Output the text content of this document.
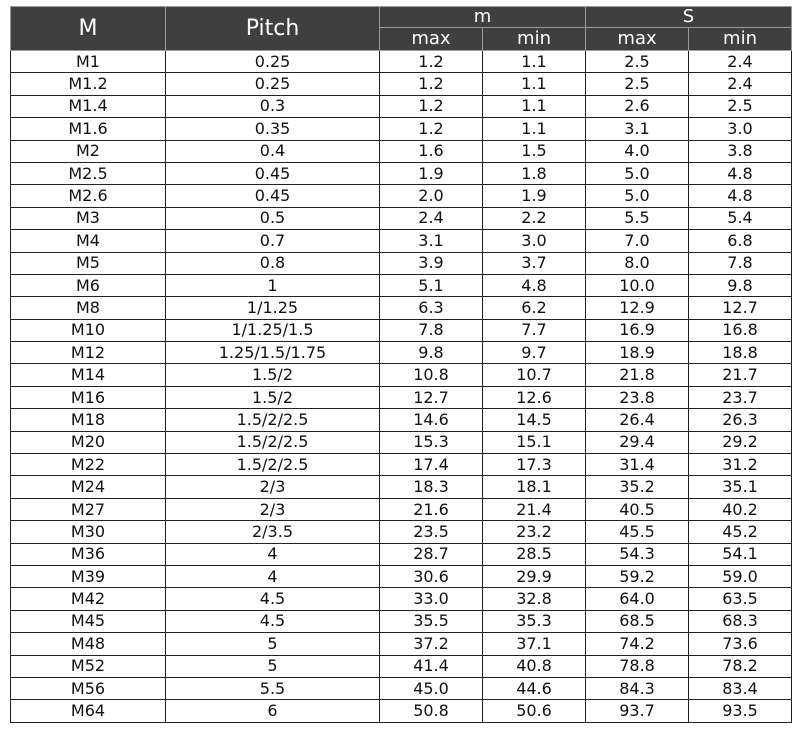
M	Pitch	m		S	
		max	min	max	min
M1	0.25	1.2	1.1	2.5	2.4
M1.2	0.25	1.2	1.1	2.5	2.4
M1.4	0.3	1.2	1.1	2.6	2.5
M1.6	0.35	1.2	1.1	3.1	3.0
M2	0.4	1.6	1.5	4.0	3.8
M2.5	0.45	1.9	1.8	5.0	4.8
M2.6	0.45	2.0	1.9	5.0	4.8
M3	0.5	2.4	2.2	5.5	5.4
M4	0.7	3.1	3.0	7.0	6.8
M5	0.8	3.9	3.7	8.0	7.8
M6	1	5.1	4.8	10.0	9.8
M8	1/1.25	6.3	6.2	12.9	12.7
M10	1/1.25/1.5	7.8	7.7	16.9	16.8
M12	1.25/1.5/1.75	9.8	9.7	18.9	18.8
M14	1.5/2	10.8	10.7	21.8	21.7
M16	1.5/2	12.7	12.6	23.8	23.7
M18	1.5/2/2.5	14.6	14.5	26.4	26.3
M20	1.5/2/2.5	15.3	15.1	29.4	29.2
M22	1.5/2/2.5	17.4	17.3	31.4	31.2
M24	2/3	18.3	18.1	35.2	35.1
M27	2/3	21.6	21.4	40.5	40.2
M30	2/3.5	23.5	23.2	45.5	45.2
M36	4	28.7	28.5	54.3	54.1
M39	4	30.6	29.9	59.2	59.0
M42	4.5	33.0	32.8	64.0	63.5
M45	4.5	35.5	35.3	68.5	68.3
M48	5	37.2	37.1	74.2	73.6
M52	5	41.4	40.8	78.8	78.2
M56	5.5	45.0	44.6	84.3	83.4
M64	6	50.8	50.6	93.7	93.5
